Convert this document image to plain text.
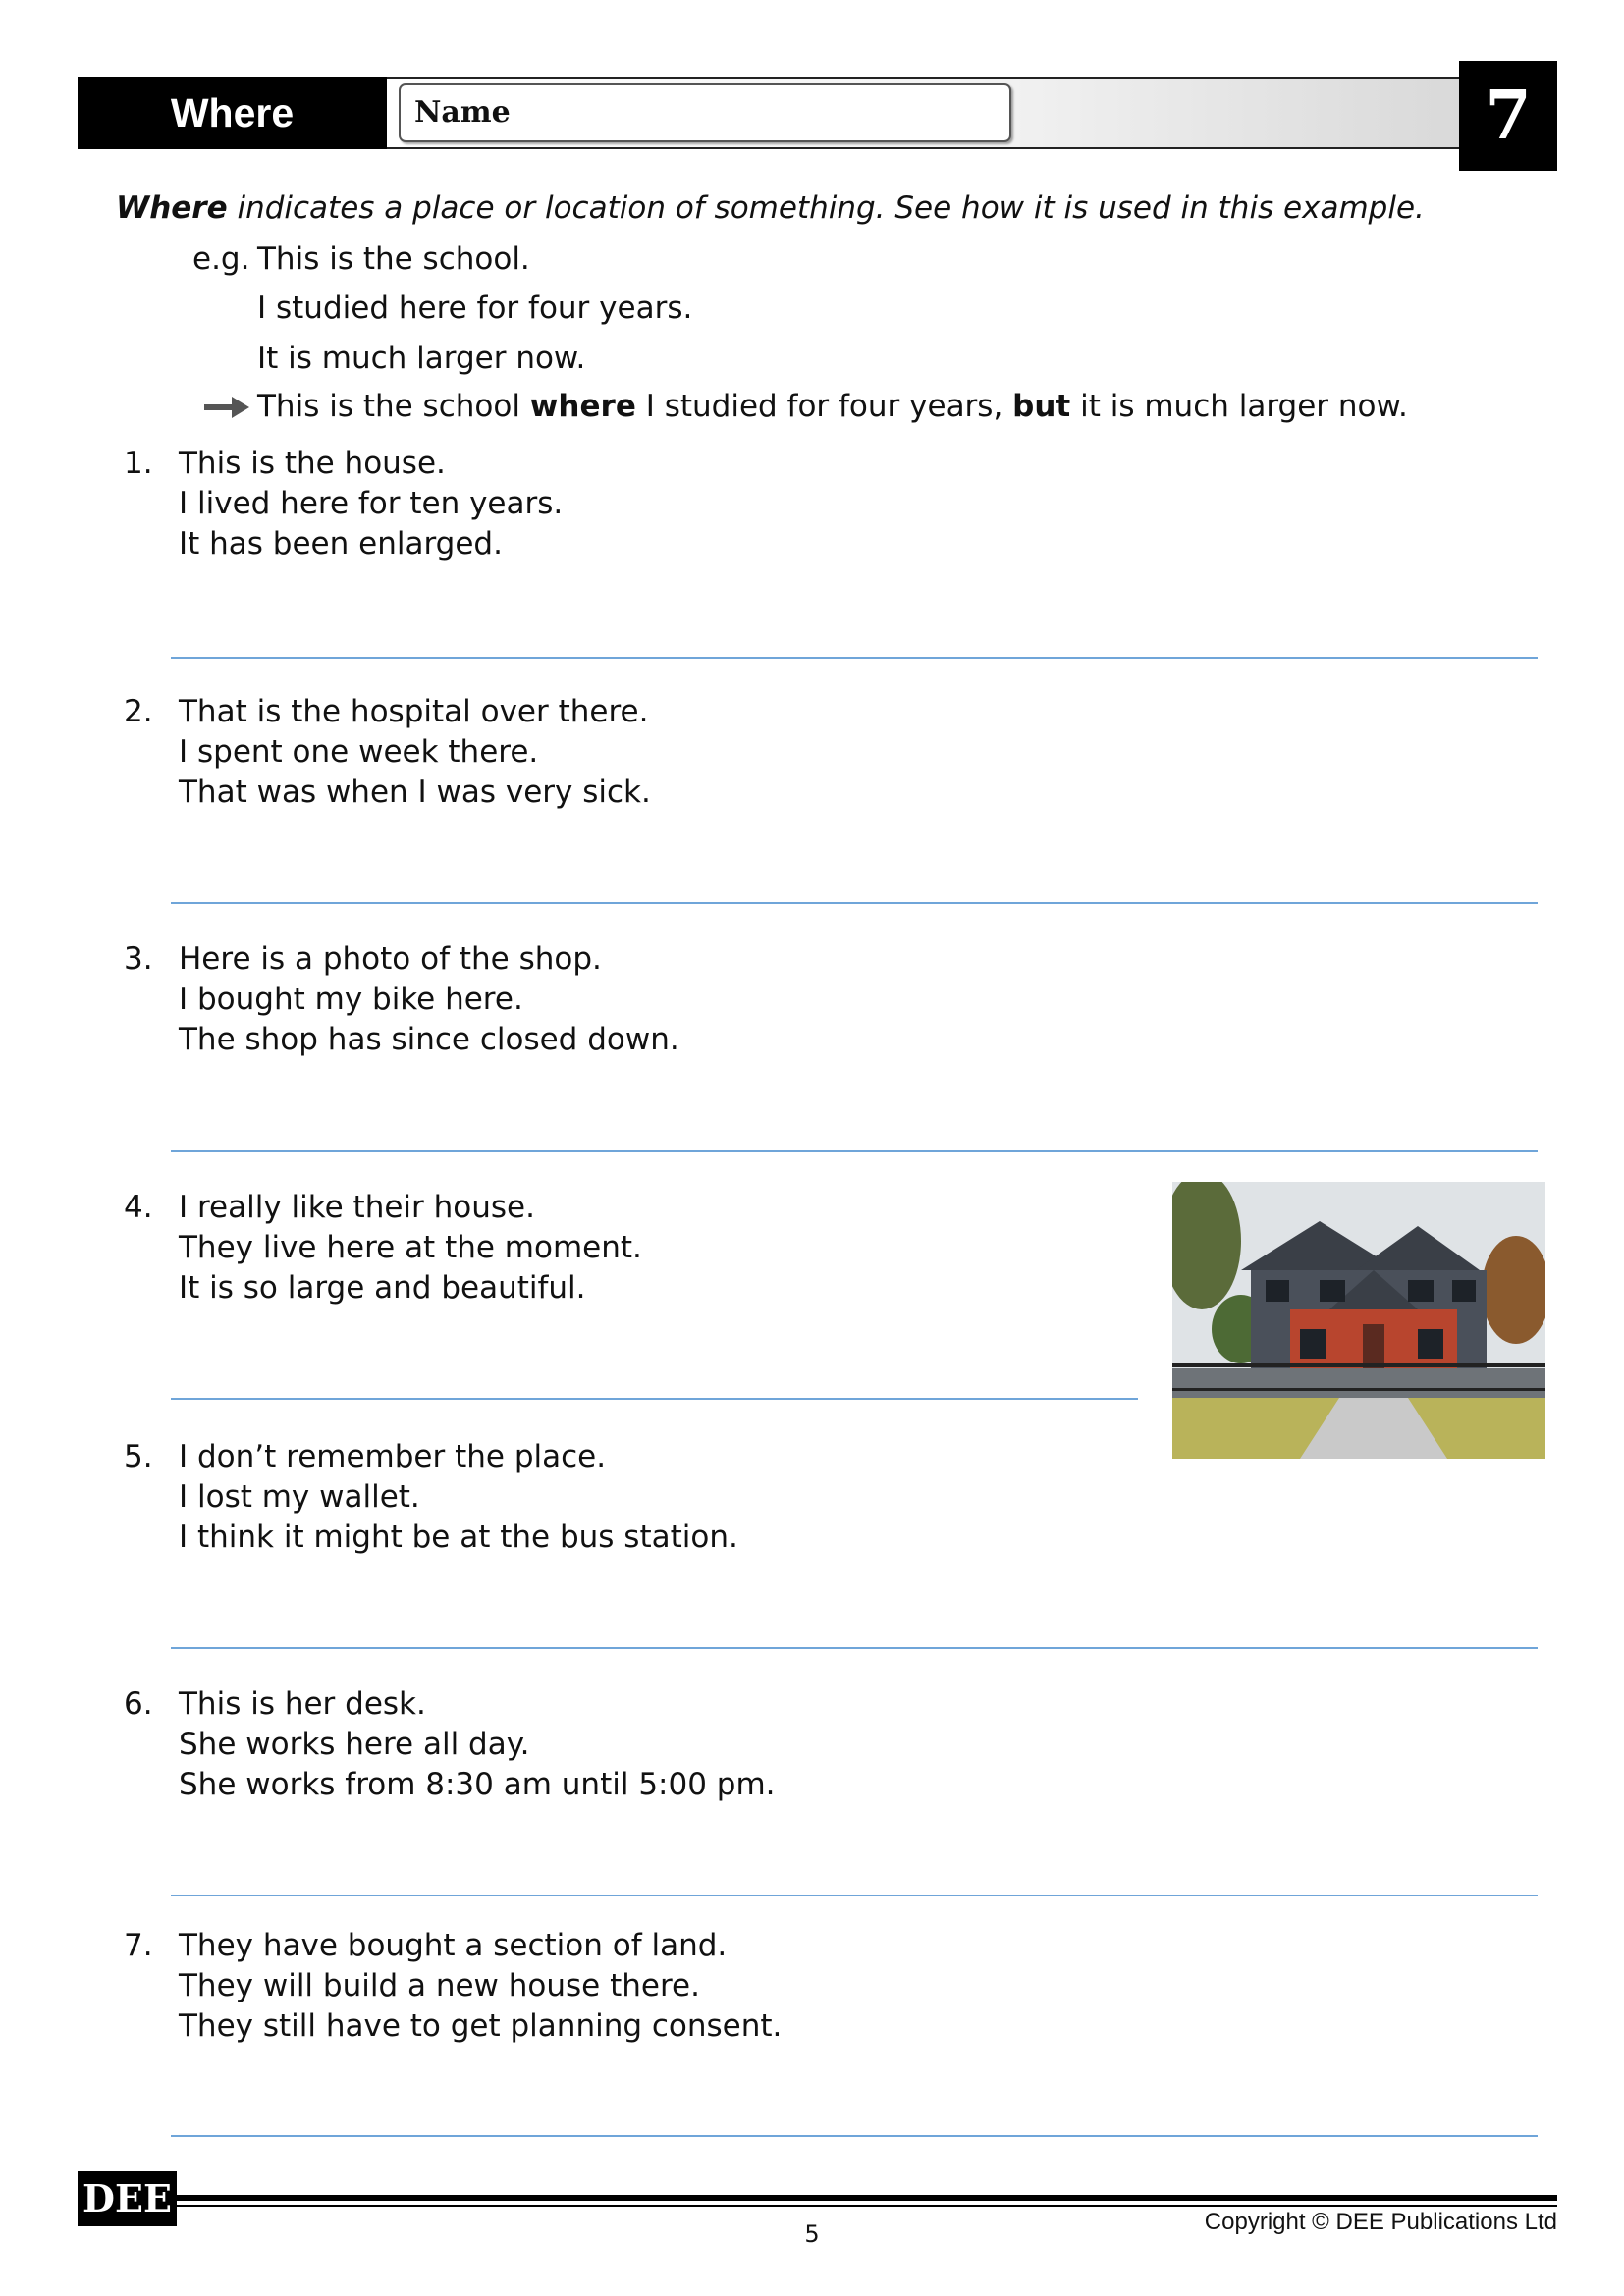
Where	Name	7
Where indicates a place or location of something. See how it is used in this example.
e.g. This is the school.
I studied here for four years.
It is much larger now.
This is the school where I studied for four years, but it is much larger now.
1. This is the house.
I lived here for ten years.
It has been enlarged.
2. That is the hospital over there.
I spent one week there.
That was when I was very sick.
3. Here is a photo of the shop.
I bought my bike here.
The shop has since closed down.
4. I really like their house.
They live here at the moment.
It is so large and beautiful.
5. I don’t remember the place.
I lost my wallet.
I think it might be at the bus station.
6. This is her desk.
She works here all day.
She works from 8:30 am until 5:00 pm.
7. They have bought a section of land.
They will build a new house there.
They still have to get planning consent.
DEE
5	Copyright © DEE Publications Ltd
